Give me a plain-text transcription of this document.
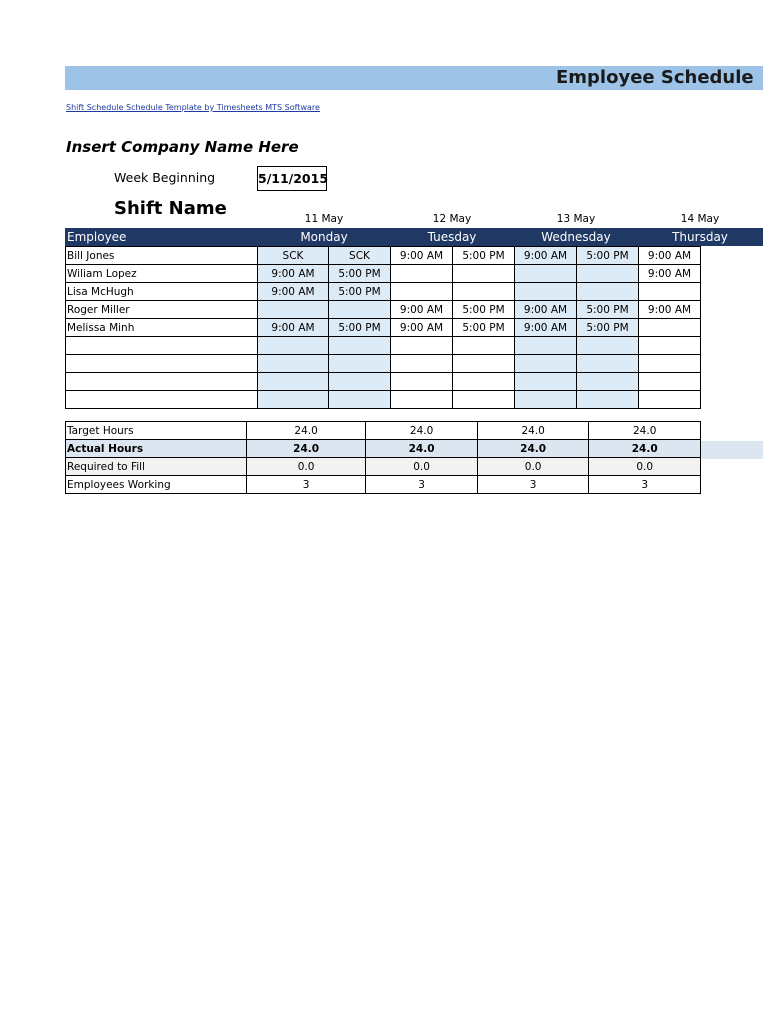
Employee Schedule
Shift Schedule Schedule Template by Timesheets MTS Software
Insert Company Name Here
Week Beginning	5/11/2015
Shift Name	11 May	12 May	13 May	14 May
Employee	Monday	Tuesday	Wednesday	Thursday
Bill Jones	SCK	SCK	9:00 AM	5:00 PM	9:00 AM	5:00 PM	9:00 AM
Wiliam Lopez	9:00 AM	5:00 PM					9:00 AM
Lisa McHugh	9:00 AM	5:00 PM					
Roger Miller			9:00 AM	5:00 PM	9:00 AM	5:00 PM	9:00 AM
Melissa Minh	9:00 AM	5:00 PM	9:00 AM	5:00 PM	9:00 AM	5:00 PM	

Target Hours	24.0	24.0	24.0	24.0
Actual Hours	24.0	24.0	24.0	24.0
Required to Fill	0.0	0.0	0.0	0.0
Employees Working	3	3	3	3
